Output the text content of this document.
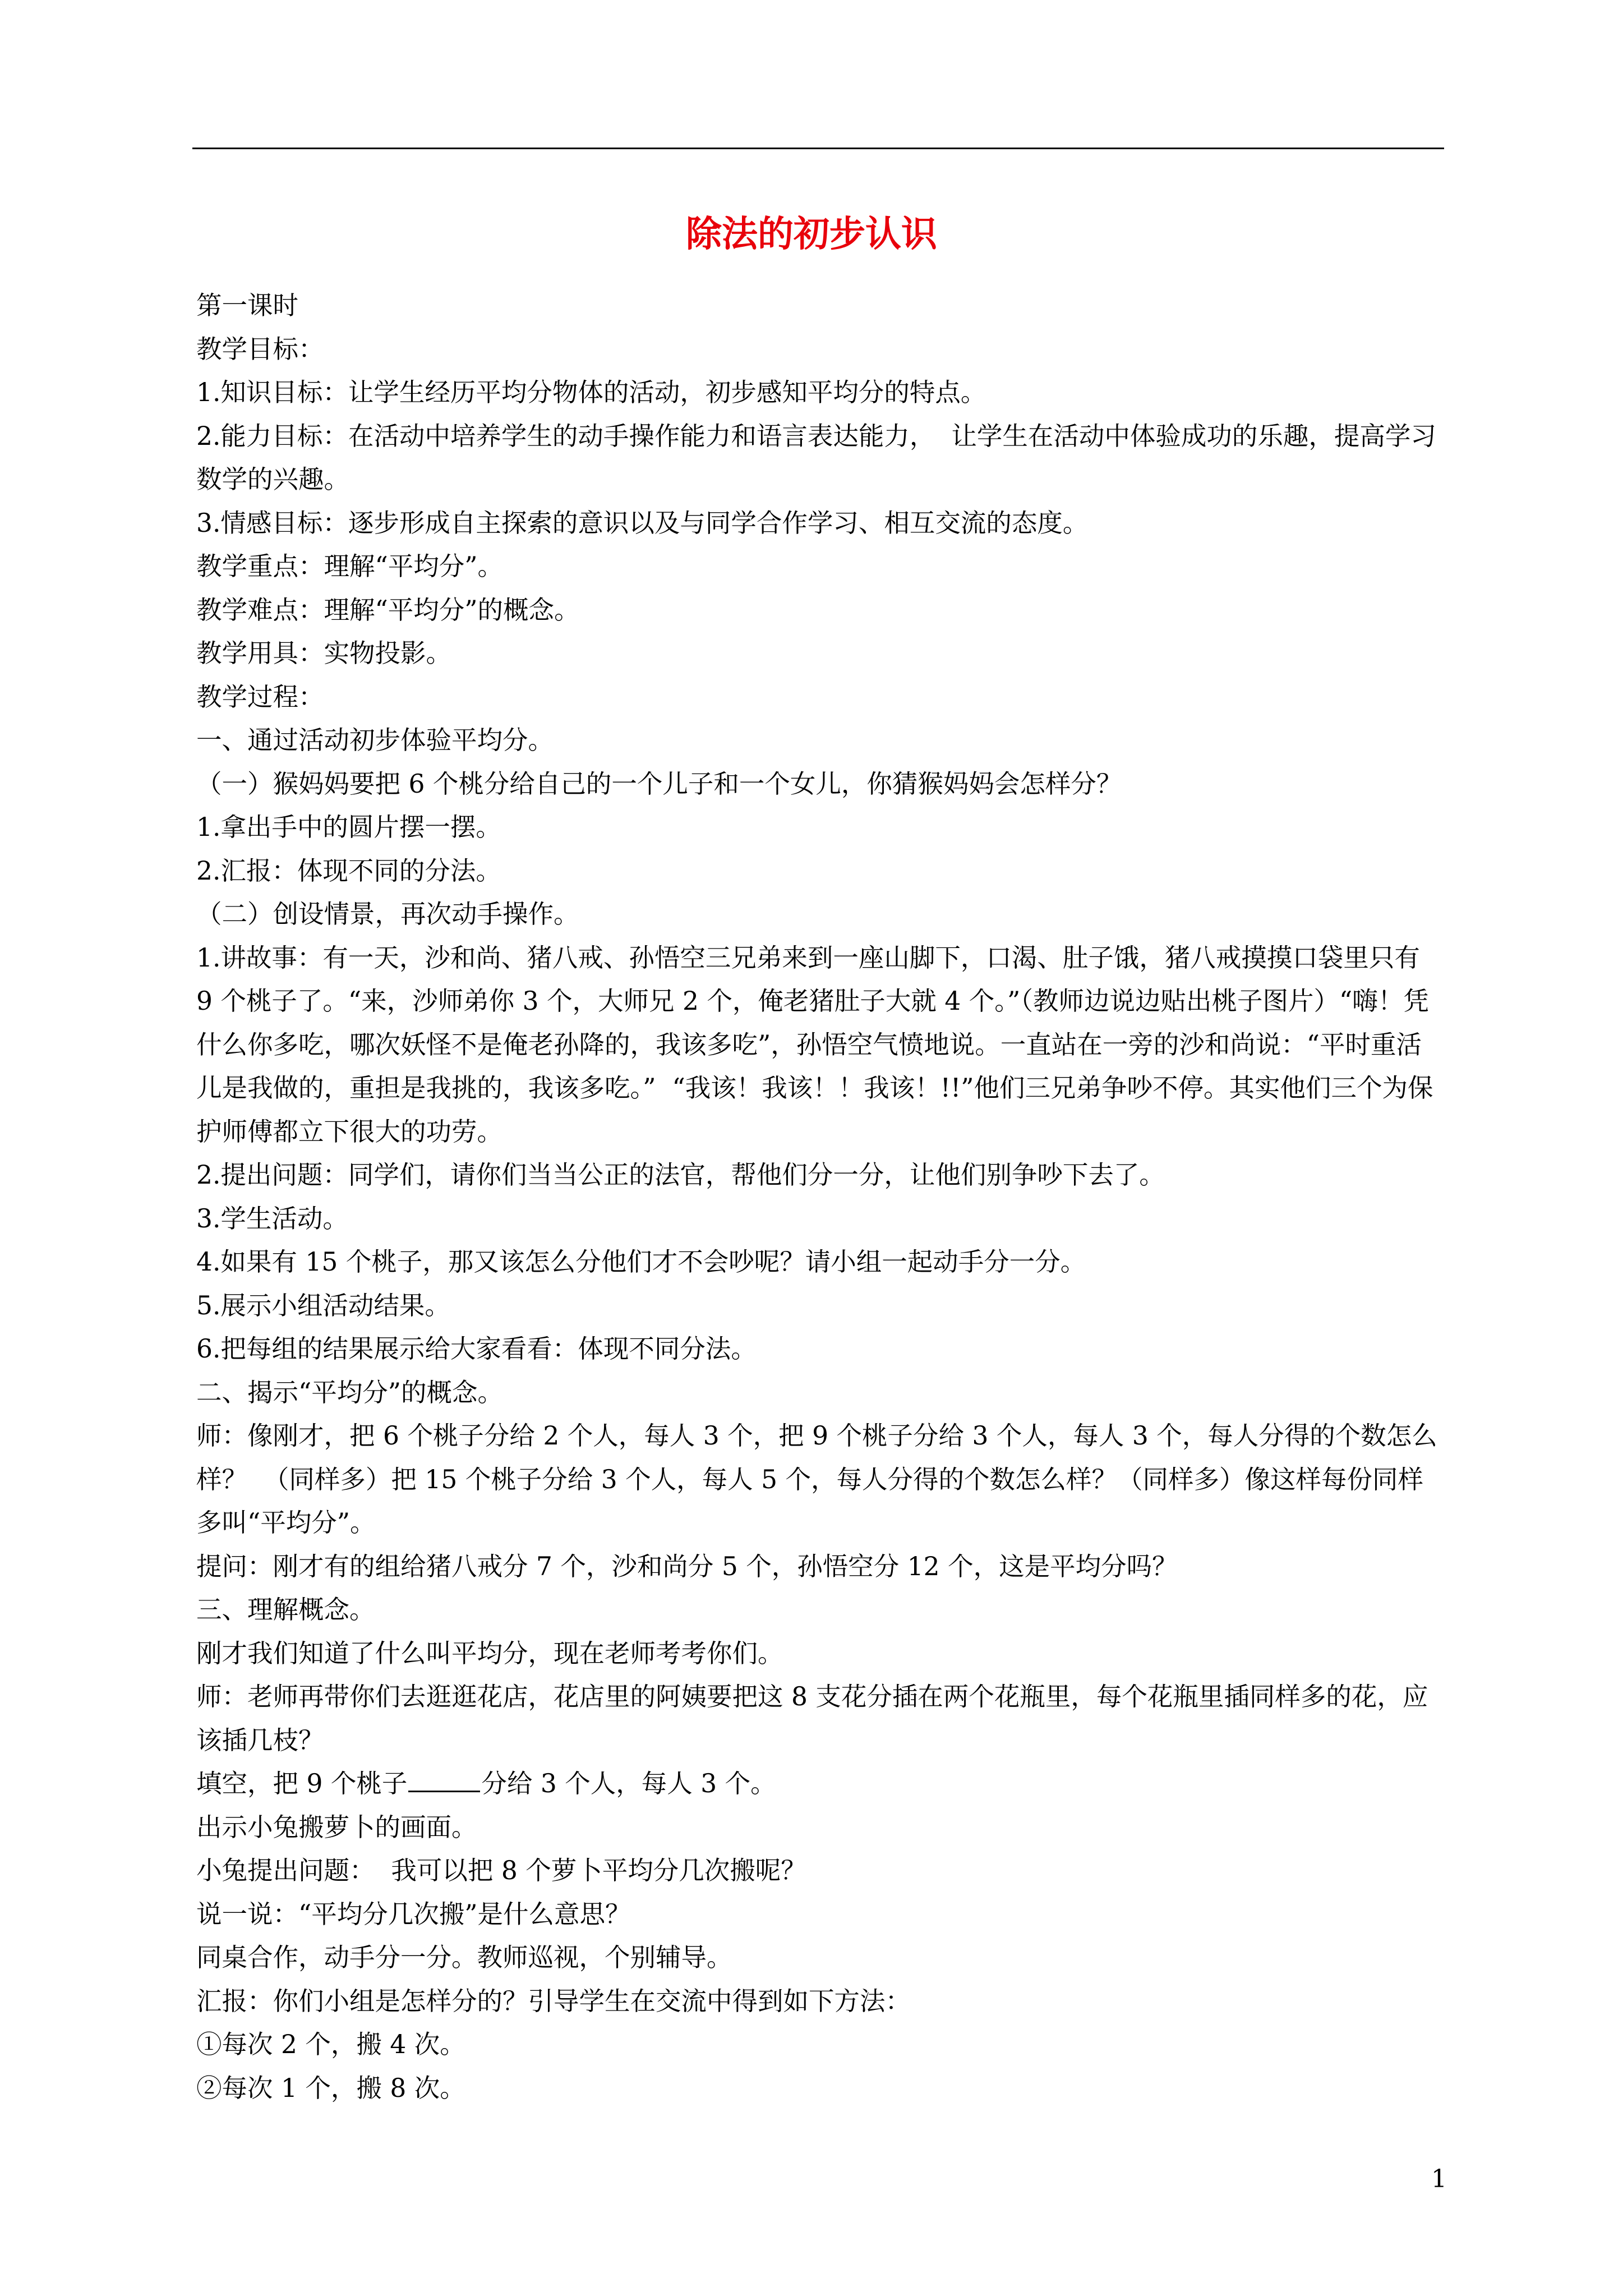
除法的初步认识

第一课时

教学目标：

1.知识目标：让学生经历平均分物体的活动，初步感知平均分的特点。

2.能力目标：在活动中培养学生的动手操作能力和语言表达能力，  让学生在活动中体验成功的乐趣，提高学习数学的兴趣。

3.情感目标：逐步形成自主探索的意识以及与同学合作学习、相互交流的态度。

教学重点：理解“平均分”。

教学难点：理解“平均分”的概念。

教学用具：实物投影。

教学过程：

一、通过活动初步体验平均分。

（一）猴妈妈要把 6 个桃分给自己的一个儿子和一个女儿，你猜猴妈妈会怎样分？

1.拿出手中的圆片摆一摆。

2.汇报：体现不同的分法。

（二）创设情景，再次动手操作。

1.讲故事：有一天，沙和尚、猪八戒、孙悟空三兄弟来到一座山脚下，口渴、肚子饿，猪八戒摸摸口袋里只有 9 个桃子了。“来，沙师弟你 3 个，大师兄 2 个，俺老猪肚子大就 4 个。”（教师边说边贴出桃子图片）“嗨！凭什么你多吃，哪次妖怪不是俺老孙降的，我该多吃”，孙悟空气愤地说。一直站在一旁的沙和尚说：“平时重活儿是我做的，重担是我挑的，我该多吃。”  “我该！我该！！我该！!!”他们三兄弟争吵不停。其实他们三个为保护师傅都立下很大的功劳。

2.提出问题：同学们，请你们当当公正的法官，帮他们分一分，让他们别争吵下去了。

3.学生活动。

4.如果有 15 个桃子，那又该怎么分他们才不会吵呢？请小组一起动手分一分。

5.展示小组活动结果。

6.把每组的结果展示给大家看看：体现不同分法。

二、揭示“平均分”的概念。

师：像刚才，把 6 个桃子分给 2 个人，每人 3 个，把 9 个桃子分给 3 个人，每人 3 个，每人分得的个数怎么样？  （同样多）把 15 个桃子分给 3 个人，每人 5 个，每人分得的个数怎么样？（同样多）像这样每份同样多叫“平均分”。

提问：刚才有的组给猪八戒分 7 个，沙和尚分 5 个，孙悟空分 12 个，这是平均分吗？

三、理解概念。

刚才我们知道了什么叫平均分，现在老师考考你们。

师：老师再带你们去逛逛花店，花店里的阿姨要把这 8 支花分插在两个花瓶里，每个花瓶里插同样多的花，应该插几枝？

填空，把 9 个桃子	分给 3 个人，每人 3 个。

出示小兔搬萝卜的画面。

小兔提出问题：  我可以把 8 个萝卜平均分几次搬呢？

说一说：“平均分几次搬”是什么意思？

同桌合作，动手分一分。教师巡视，个别辅导。

汇报：你们小组是怎样分的？引导学生在交流中得到如下方法：

①每次 2 个，搬 4 次。

②每次 1 个，搬 8 次。

1
